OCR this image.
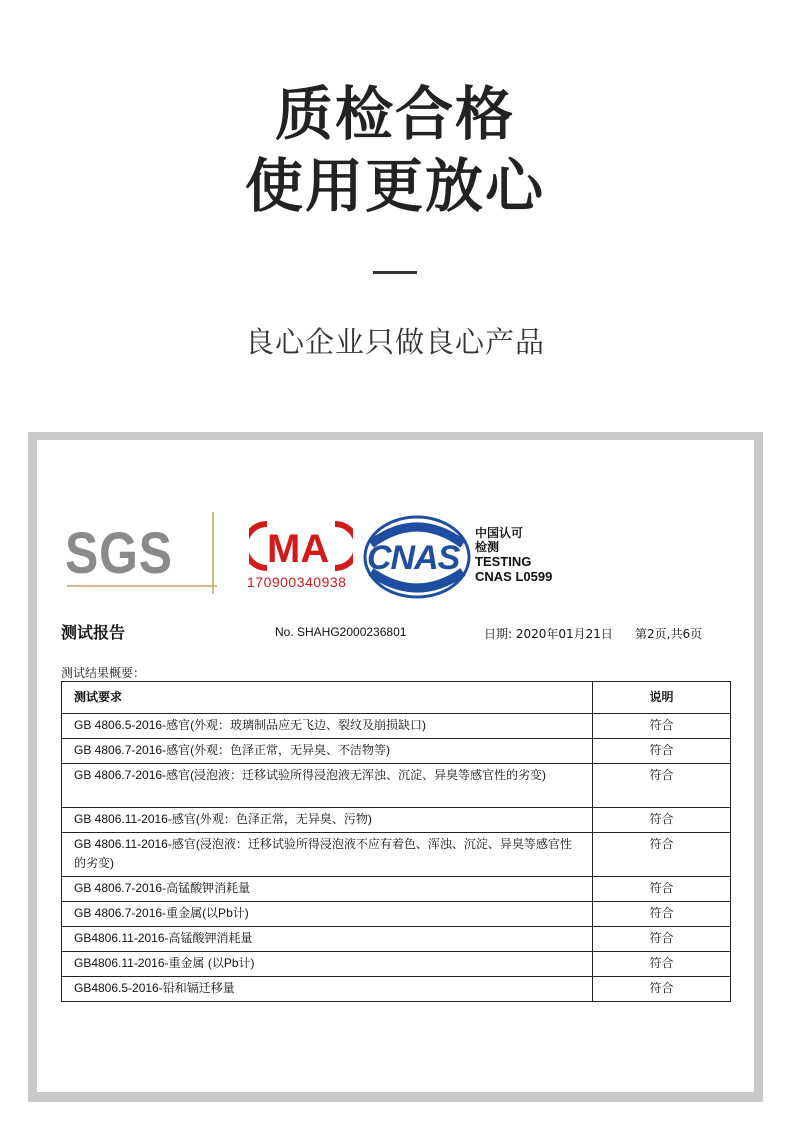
质检合格
使用更放心
良心企业只做良心产品
SGS MA
170900340938
CNAS
中国认可
检测
TESTING
CNAS L0599
测试报告	No. SHAHG2000236801	日期: 2020年01月21日 第2页,共6页
测试结果概要：
测试要求	说明
GB 4806.5-2016-感官(外观：玻璃制品应无飞边、裂纹及崩损缺口)	符合
GB 4806.7-2016-感官(外观：色泽正常，无异臭、不洁物等)	符合
GB 4806.7-2016-感官(浸泡液：迁移试验所得浸泡液无浑浊、沉淀、异臭等感官性的劣变)	符合
GB 4806.11-2016-感官(外观：色泽正常，无异臭、污物)	符合
GB 4806.11-2016-感官(浸泡液：迁移试验所得浸泡液不应有着色、浑浊、沉淀、异臭等感官性的劣变)	符合
GB 4806.7-2016-高锰酸钾消耗量	符合
GB 4806.7-2016-重金属(以Pb计)	符合
GB4806.11-2016-高锰酸钾消耗量	符合
GB4806.11-2016-重金属 (以Pb计)	符合
GB4806.5-2016-铅和镉迁移量	符合
